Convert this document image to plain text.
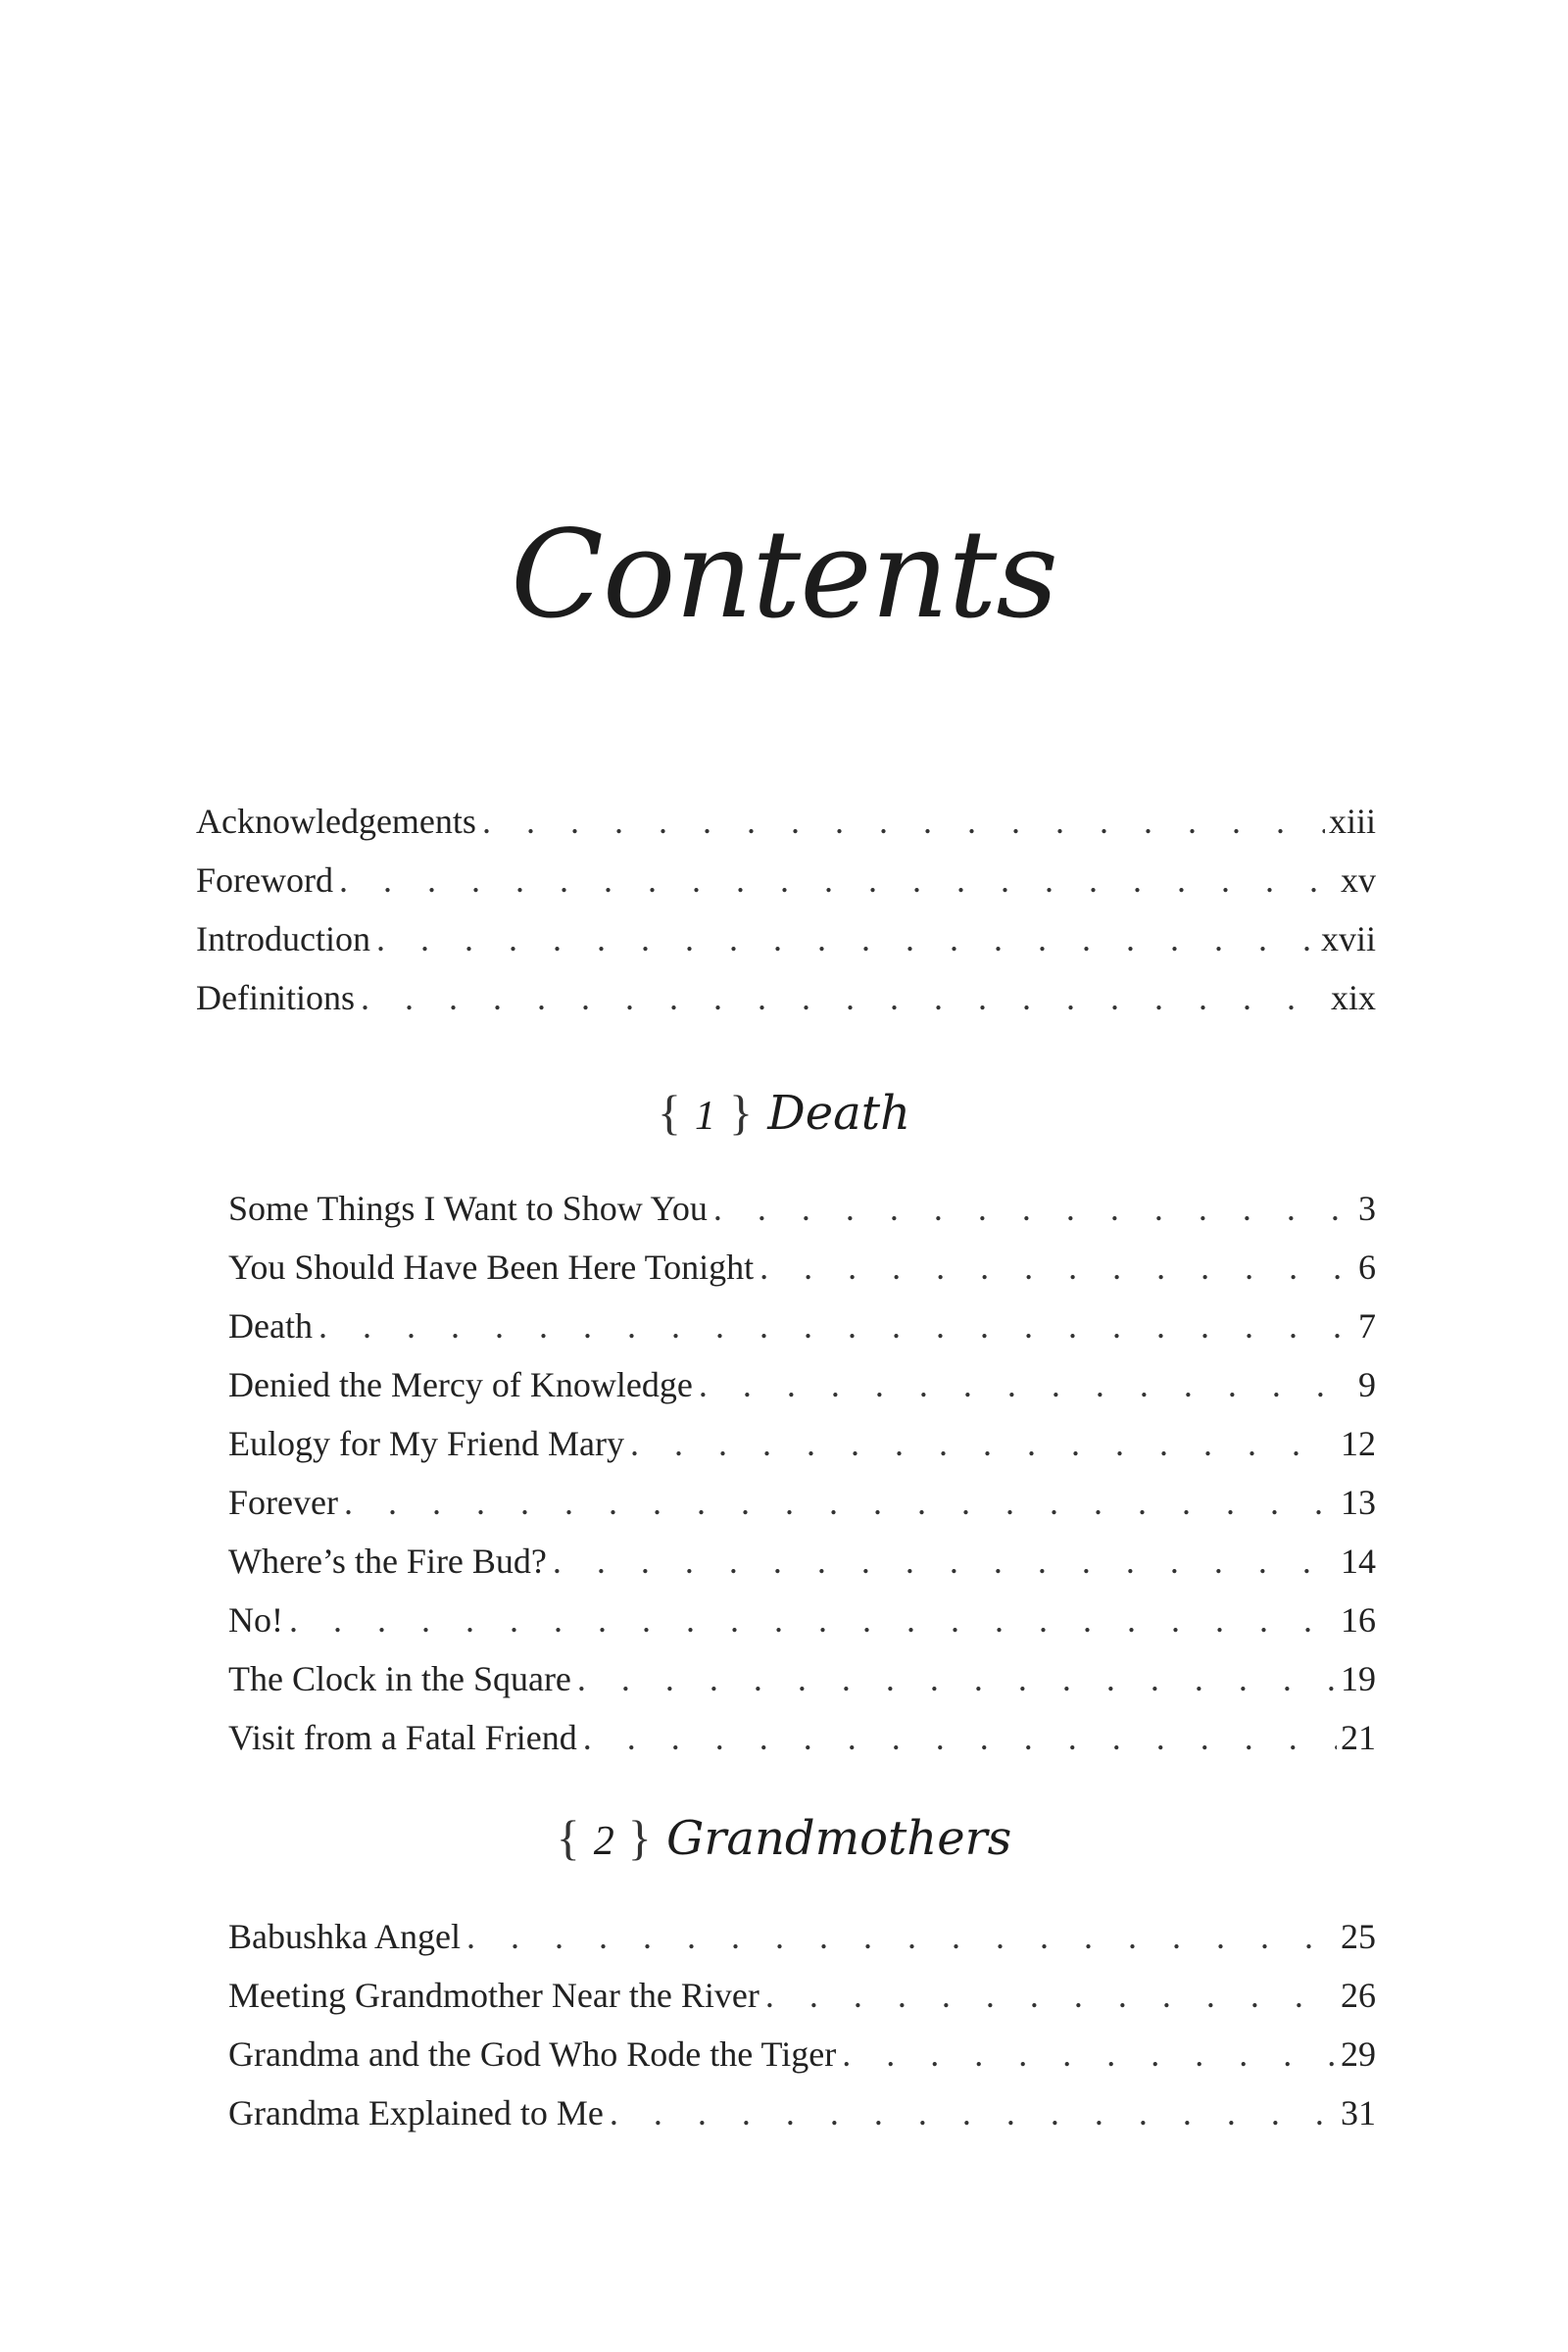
Contents
Acknowledgements . . .	xiii
Foreword . . .	xv
Introduction . . .	xvii
Definitions . . .	xix
{ 1 } Death
Some Things I Want to Show You . . .	3
You Should Have Been Here Tonight . . .	6
Death . . .	7
Denied the Mercy of Knowledge . . .	9
Eulogy for My Friend Mary . . .	12
Forever . . .	13
Where’s the Fire Bud? . . .	14
No! . . .	16
The Clock in the Square . . .	19
Visit from a Fatal Friend . . .	21
{ 2 } Grandmothers
Babushka Angel . . .	25
Meeting Grandmother Near the River . . .	26
Grandma and the God Who Rode the Tiger . . .	29
Grandma Explained to Me . . .	31
